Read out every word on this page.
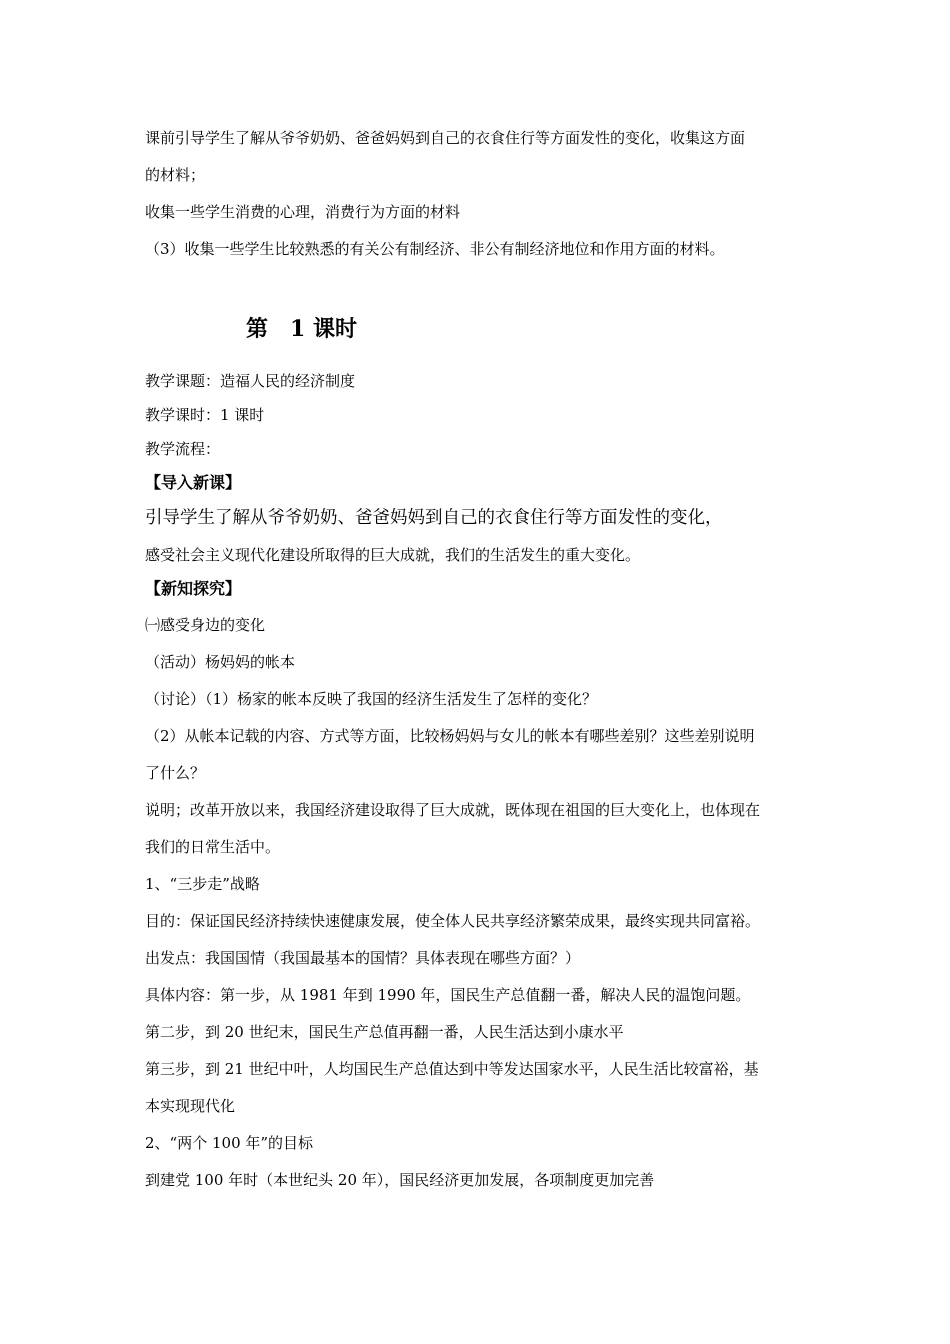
课前引导学生了解从爷爷奶奶、爸爸妈妈到自己的衣食住行等方面发性的变化，收集这方面
的材料；
收集一些学生消费的心理，消费行为方面的材料
（3）收集一些学生比较熟悉的有关公有制经济、非公有制经济地位和作用方面的材料。
第　1 课时
教学课题：造福人民的经济制度
教学课时：1 课时
教学流程：
【导入新课】
引导学生了解从爷爷奶奶、爸爸妈妈到自己的衣食住行等方面发性的变化，
感受社会主义现代化建设所取得的巨大成就，我们的生活发生的重大变化。
【新知探究】
㈠感受身边的变化
（活动）杨妈妈的帐本
（讨论）（1）杨家的帐本反映了我国的经济生活发生了怎样的变化？
（2）从帐本记载的内容、方式等方面，比较杨妈妈与女儿的帐本有哪些差别？这些差别说明
了什么？
说明；改革开放以来，我国经济建设取得了巨大成就，既体现在祖国的巨大变化上，也体现在
我们的日常生活中。
1、“三步走”战略
目的：保证国民经济持续快速健康发展，使全体人民共享经济繁荣成果，最终实现共同富裕。
出发点：我国国情（我国最基本的国情？具体表现在哪些方面？）
具体内容：第一步，从 1981 年到 1990 年，国民生产总值翻一番，解决人民的温饱问题。
第二步，到 20 世纪末，国民生产总值再翻一番，人民生活达到小康水平
第三步，到 21 世纪中叶，人均国民生产总值达到中等发达国家水平，人民生活比较富裕，基
本实现现代化
2、“两个 100 年”的目标
到建党 100 年时（本世纪头 20 年），国民经济更加发展，各项制度更加完善
